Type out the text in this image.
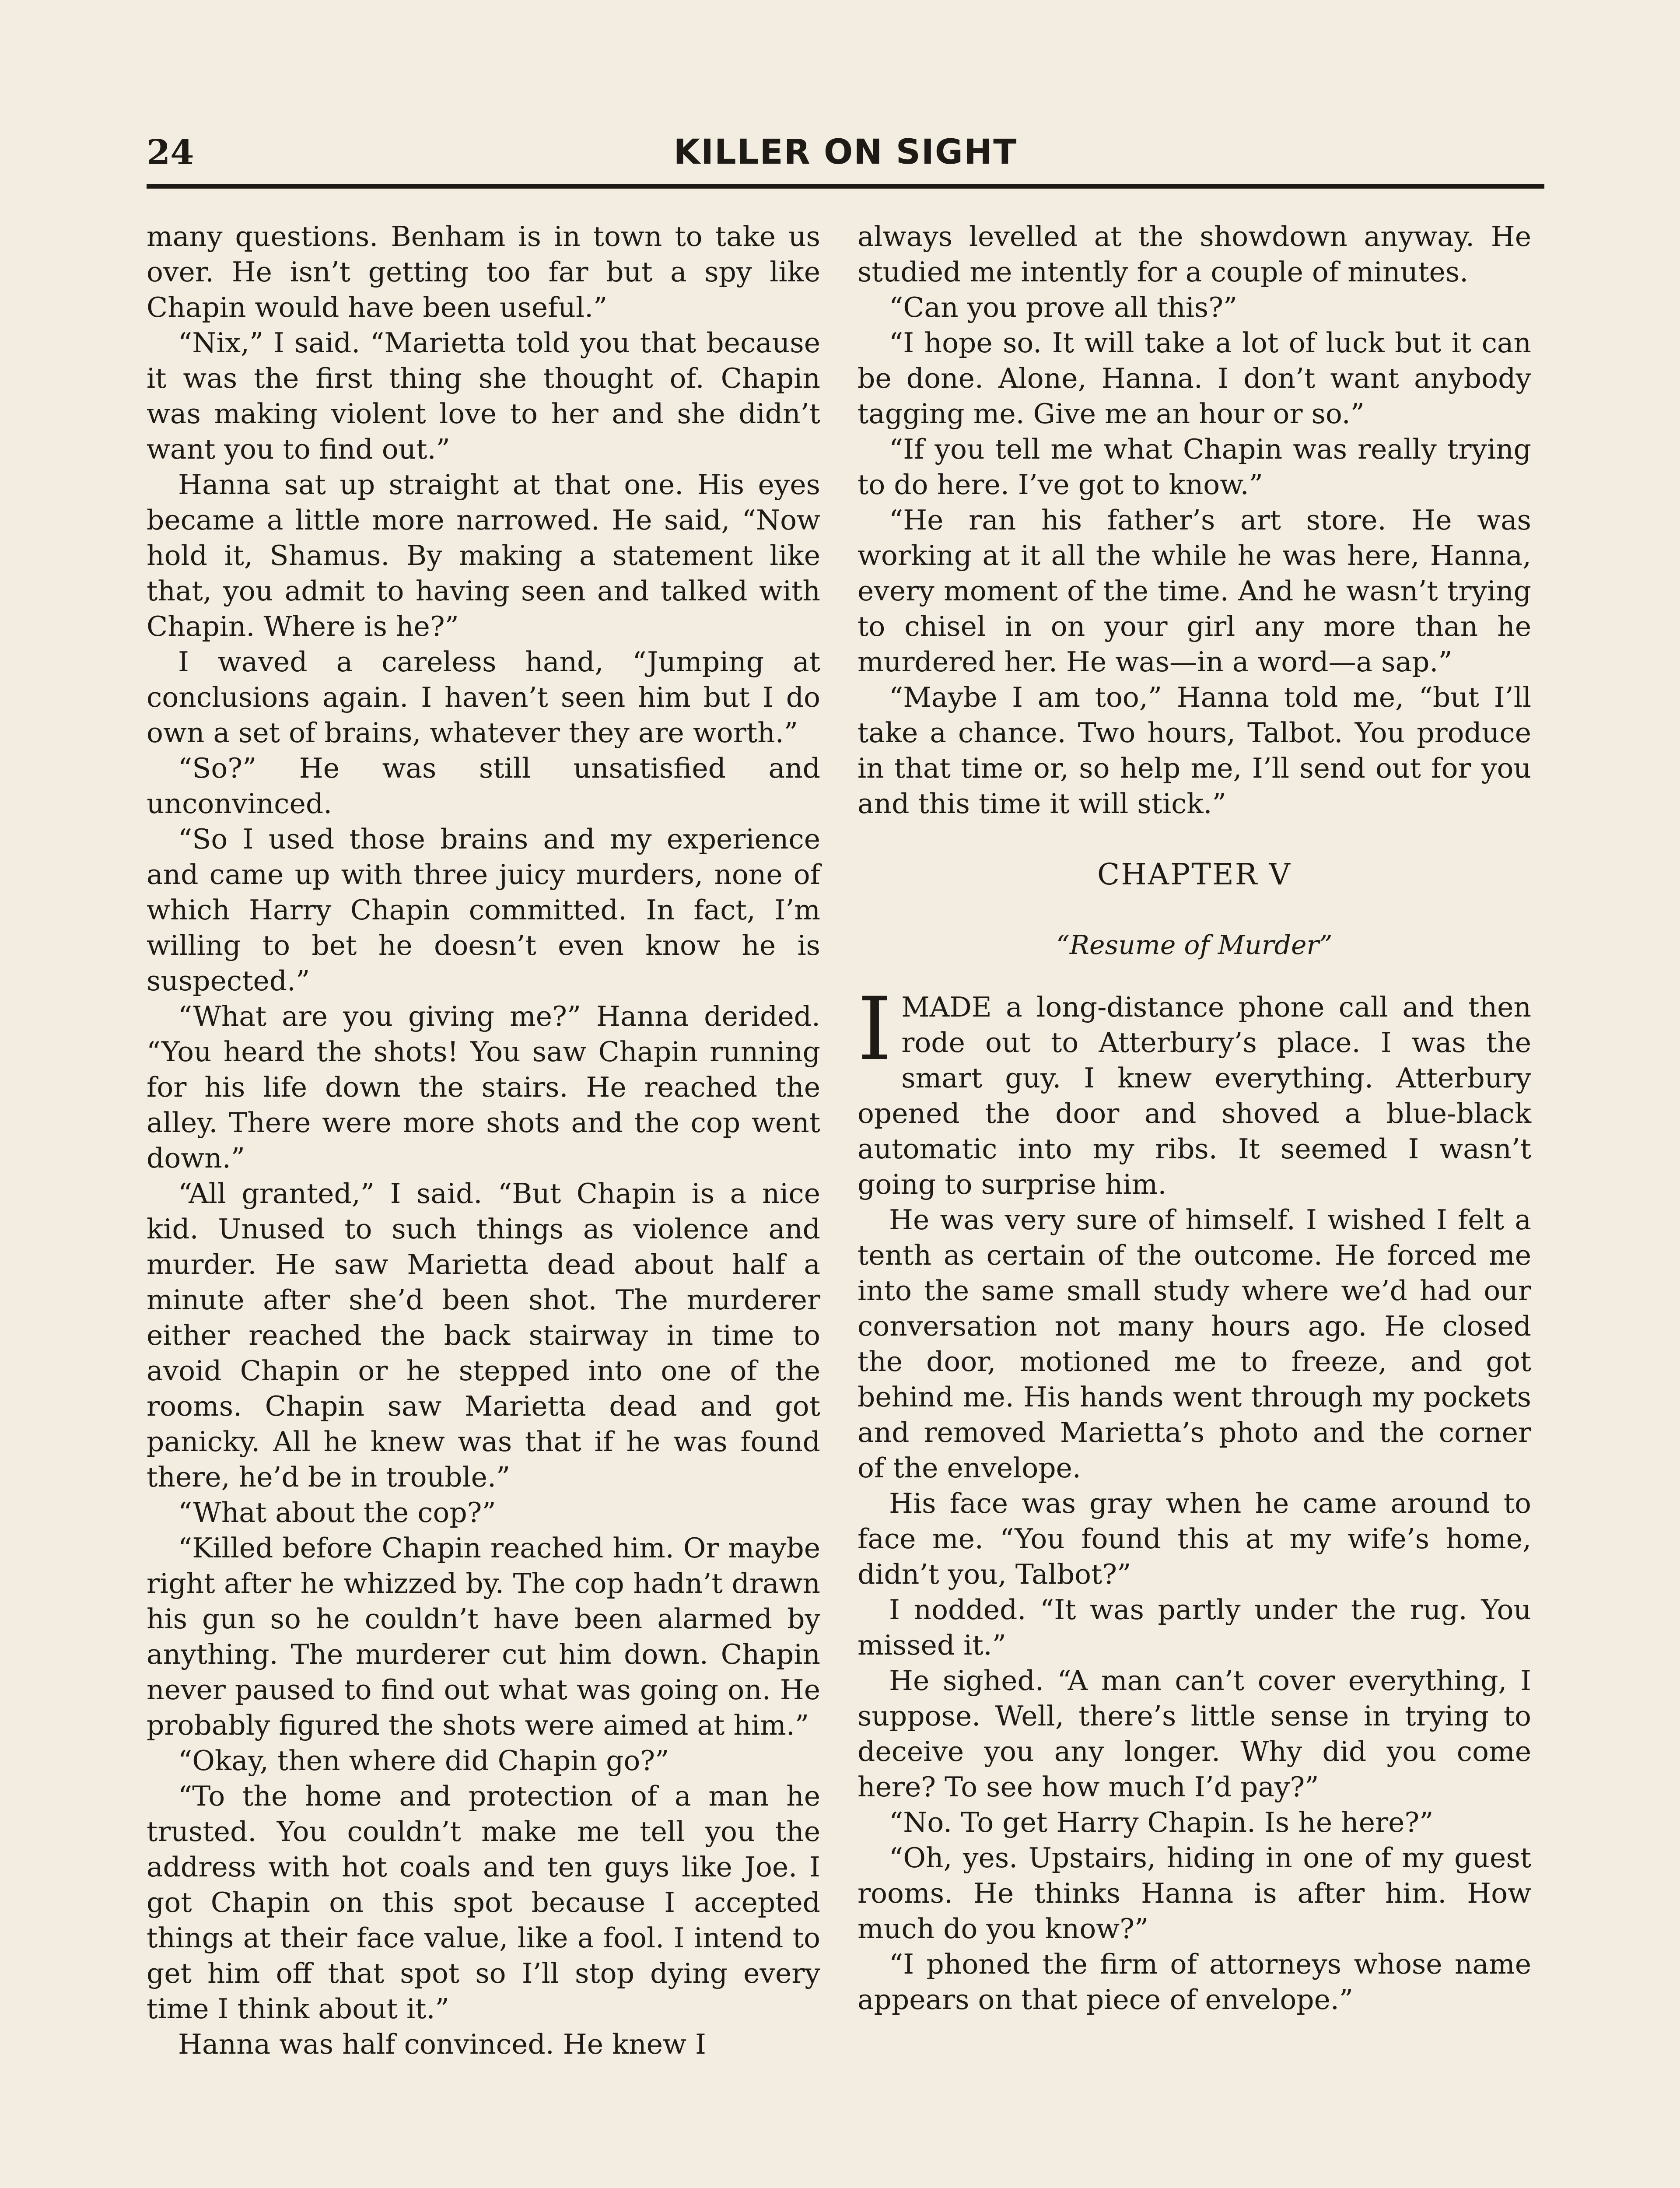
24	KILLER ON SIGHT

many questions. Benham is in town to take us over. He isn’t getting too far but a spy like Chapin would have been useful.”

“Nix,” I said. “Marietta told you that because it was the first thing she thought of. Chapin was making violent love to her and she didn’t want you to find out.”

Hanna sat up straight at that one. His eyes became a little more narrowed. He said, “Now hold it, Shamus. By making a statement like that, you admit to having seen and talked with Chapin. Where is he?”

I waved a careless hand, “Jumping at conclusions again. I haven’t seen him but I do own a set of brains, whatever they are worth.”

“So?” He was still unsatisfied and unconvinced.

“So I used those brains and my experience and came up with three juicy murders, none of which Harry Chapin committed. In fact, I’m willing to bet he doesn’t even know he is suspected.”

“What are you giving me?” Hanna derided. “You heard the shots! You saw Chapin running for his life down the stairs. He reached the alley. There were more shots and the cop went down.”

“All granted,” I said. “But Chapin is a nice kid. Unused to such things as violence and murder. He saw Marietta dead about half a minute after she’d been shot. The murderer either reached the back stairway in time to avoid Chapin or he stepped into one of the rooms. Chapin saw Marietta dead and got panicky. All he knew was that if he was found there, he’d be in trouble.”

“What about the cop?”

“Killed before Chapin reached him. Or maybe right after he whizzed by. The cop hadn’t drawn his gun so he couldn’t have been alarmed by anything. The murderer cut him down. Chapin never paused to find out what was going on. He probably figured the shots were aimed at him.”

“Okay, then where did Chapin go?”

“To the home and protection of a man he trusted. You couldn’t make me tell you the address with hot coals and ten guys like Joe. I got Chapin on this spot because I accepted things at their face value, like a fool. I intend to get him off that spot so I’ll stop dying every time I think about it.”

Hanna was half convinced. He knew I

always levelled at the showdown anyway. He studied me intently for a couple of minutes.

“Can you prove all this?”

“I hope so. It will take a lot of luck but it can be done. Alone, Hanna. I don’t want anybody tagging me. Give me an hour or so.”

“If you tell me what Chapin was really trying to do here. I’ve got to know.”

“He ran his father’s art store. He was working at it all the while he was here, Hanna, every moment of the time. And he wasn’t trying to chisel in on your girl any more than he murdered her. He was—in a word—a sap.”

“Maybe I am too,” Hanna told me, “but I’ll take a chance. Two hours, Talbot. You produce in that time or, so help me, I’ll send out for you and this time it will stick.”

CHAPTER V
“Resume of Murder”

IMADE a long-distance phone call and then rode out to Atterbury’s place. I was the smart guy. I knew everything. Atterbury opened the door and shoved a blue-black automatic into my ribs. It seemed I wasn’t going to surprise him.

He was very sure of himself. I wished I felt a tenth as certain of the outcome. He forced me into the same small study where we’d had our conversation not many hours ago. He closed the door, motioned me to freeze, and got behind me. His hands went through my pockets and removed Marietta’s photo and the corner of the envelope.

His face was gray when he came around to face me. “You found this at my wife’s home, didn’t you, Talbot?”

I nodded. “It was partly under the rug. You missed it.”

He sighed. “A man can’t cover everything, I suppose. Well, there’s little sense in trying to deceive you any longer. Why did you come here? To see how much I’d pay?”

“No. To get Harry Chapin. Is he here?”

“Oh, yes. Upstairs, hiding in one of my guest rooms. He thinks Hanna is after him. How much do you know?”

“I phoned the firm of attorneys whose name appears on that piece of envelope.”
